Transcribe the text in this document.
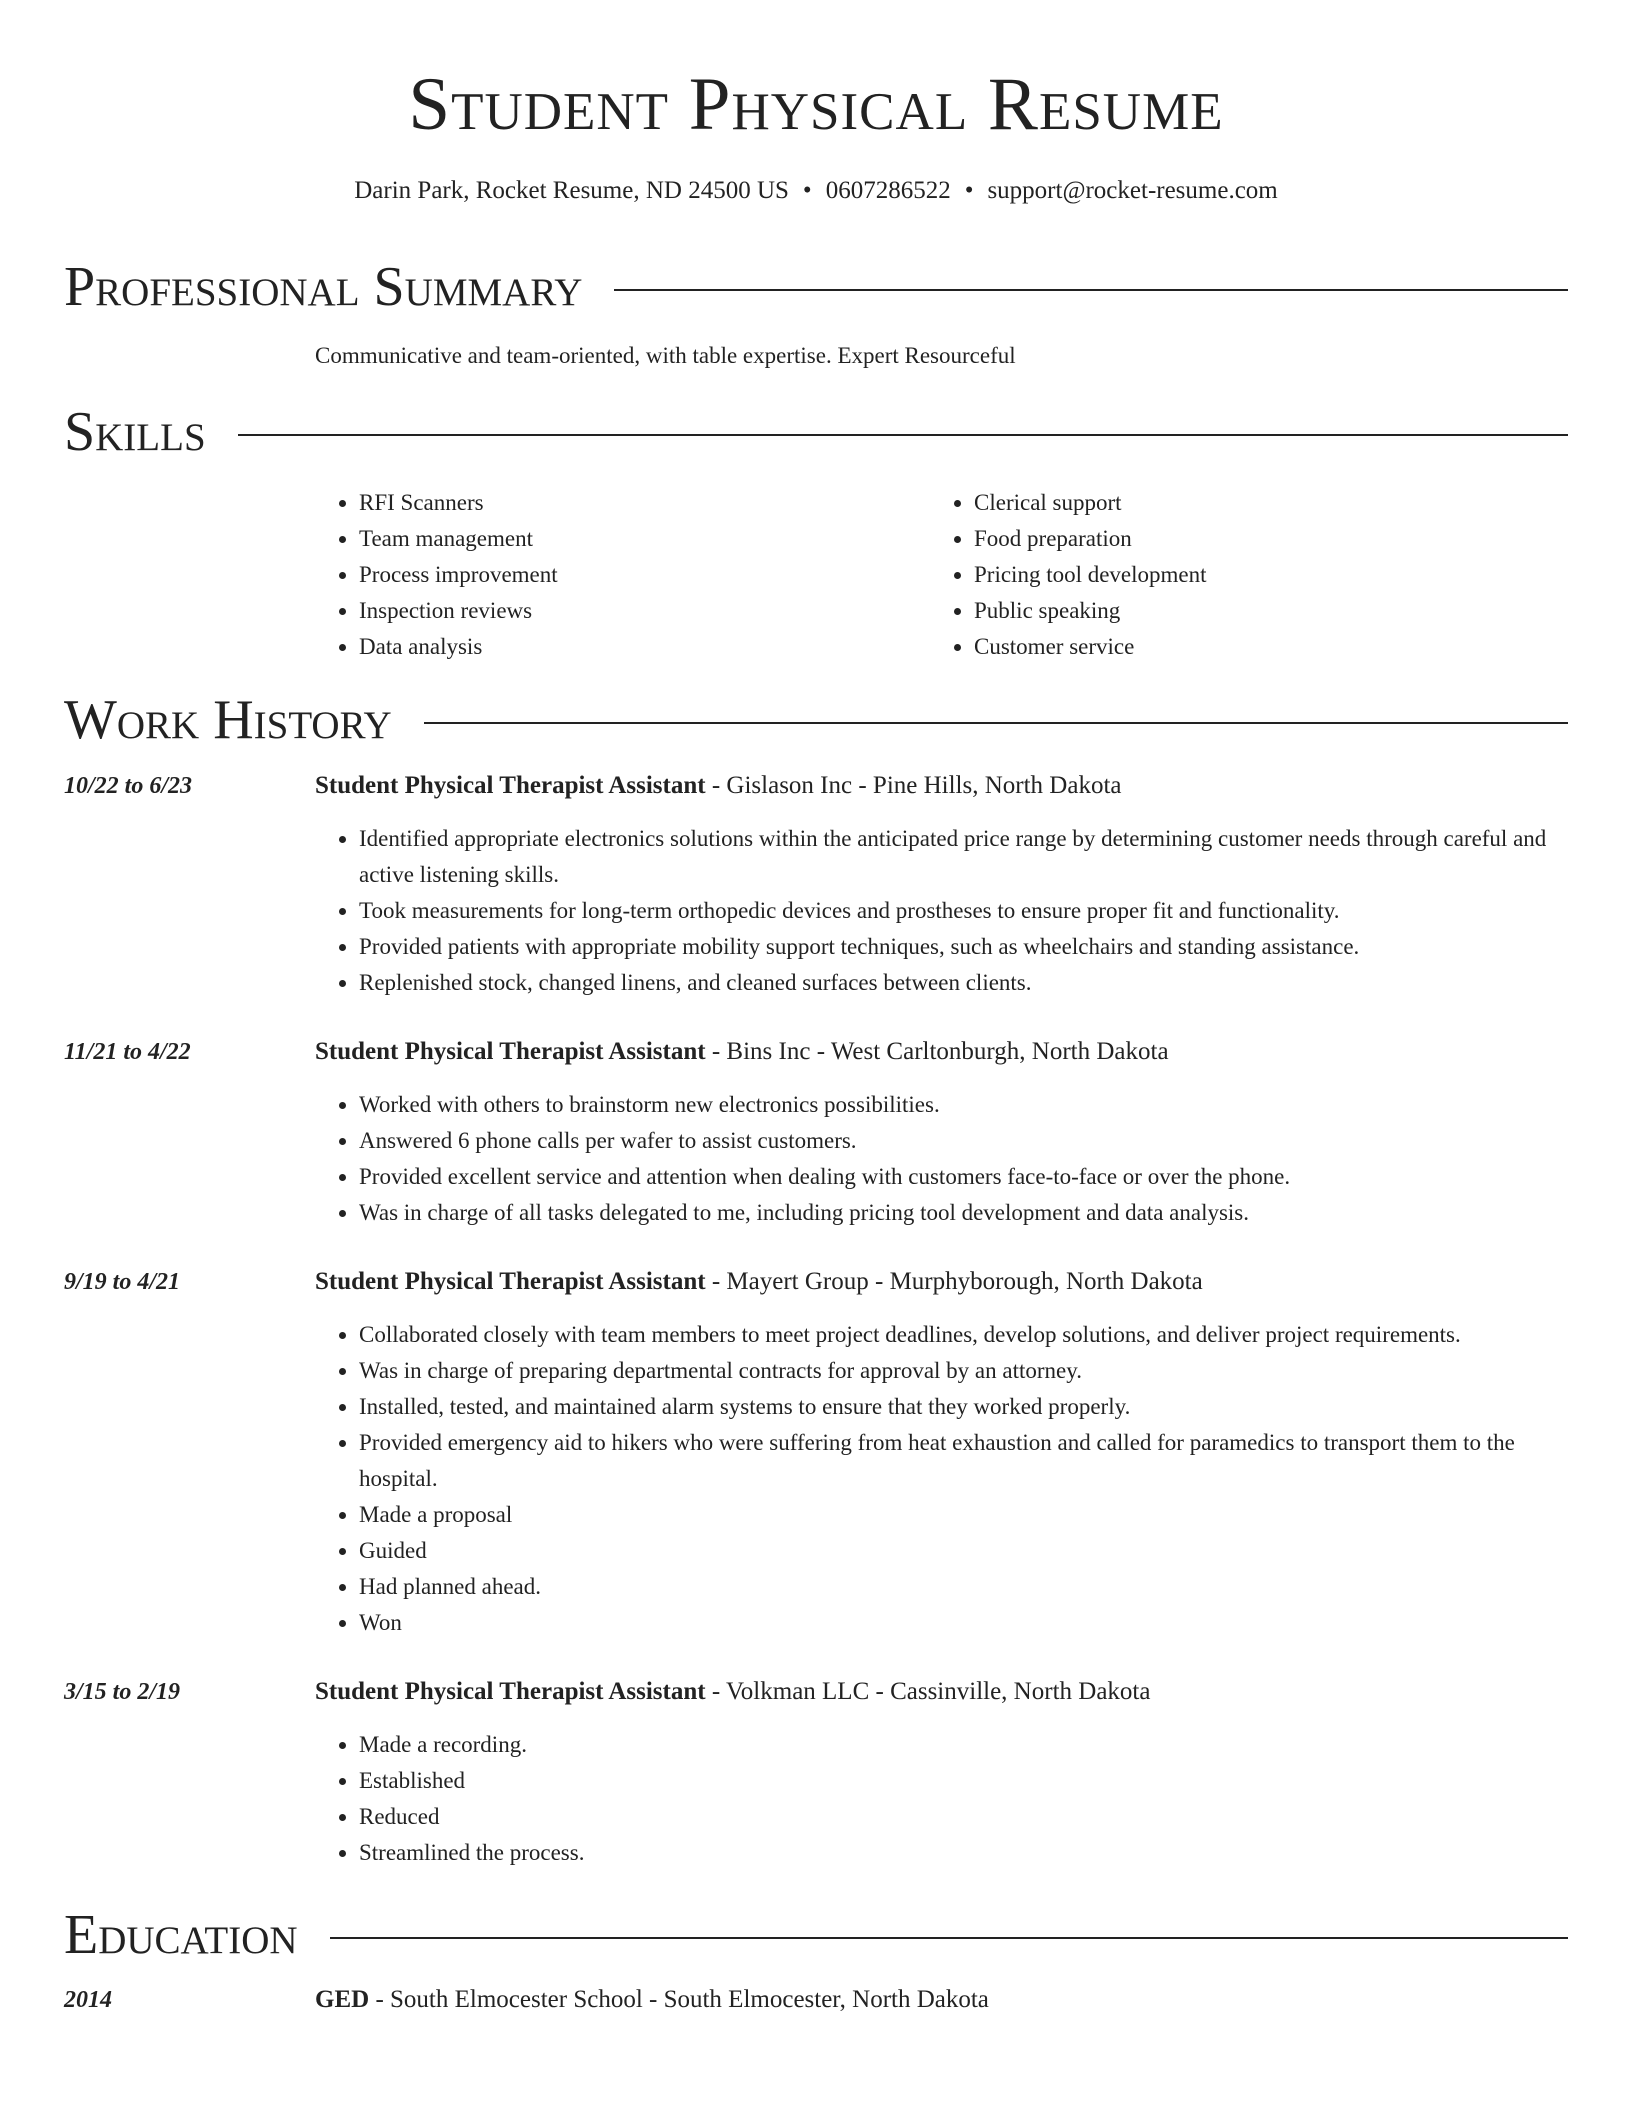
Student Physical Resume
Darin Park, Rocket Resume, ND 24500 US • 0607286522 • support@rocket-resume.com
Professional Summary
Communicative and team-oriented, with table expertise. Expert Resourceful
Skills
• RFI Scanners
• Team management
• Process improvement
• Inspection reviews
• Data analysis
• Clerical support
• Food preparation
• Pricing tool development
• Public speaking
• Customer service
Work History
10/22 to 6/23	Student Physical Therapist Assistant - Gislason Inc - Pine Hills, North Dakota
• Identified appropriate electronics solutions within the anticipated price range by determining customer needs through careful and active listening skills.
• Took measurements for long-term orthopedic devices and prostheses to ensure proper fit and functionality.
• Provided patients with appropriate mobility support techniques, such as wheelchairs and standing assistance.
• Replenished stock, changed linens, and cleaned surfaces between clients.
11/21 to 4/22	Student Physical Therapist Assistant - Bins Inc - West Carltonburgh, North Dakota
• Worked with others to brainstorm new electronics possibilities.
• Answered 6 phone calls per wafer to assist customers.
• Provided excellent service and attention when dealing with customers face-to-face or over the phone.
• Was in charge of all tasks delegated to me, including pricing tool development and data analysis.
9/19 to 4/21	Student Physical Therapist Assistant - Mayert Group - Murphyborough, North Dakota
• Collaborated closely with team members to meet project deadlines, develop solutions, and deliver project requirements.
• Was in charge of preparing departmental contracts for approval by an attorney.
• Installed, tested, and maintained alarm systems to ensure that they worked properly.
• Provided emergency aid to hikers who were suffering from heat exhaustion and called for paramedics to transport them to the hospital.
• Made a proposal
• Guided
• Had planned ahead.
• Won
3/15 to 2/19	Student Physical Therapist Assistant - Volkman LLC - Cassinville, North Dakota
• Made a recording.
• Established
• Reduced
• Streamlined the process.
Education
2014	GED - South Elmocester School - South Elmocester, North Dakota
